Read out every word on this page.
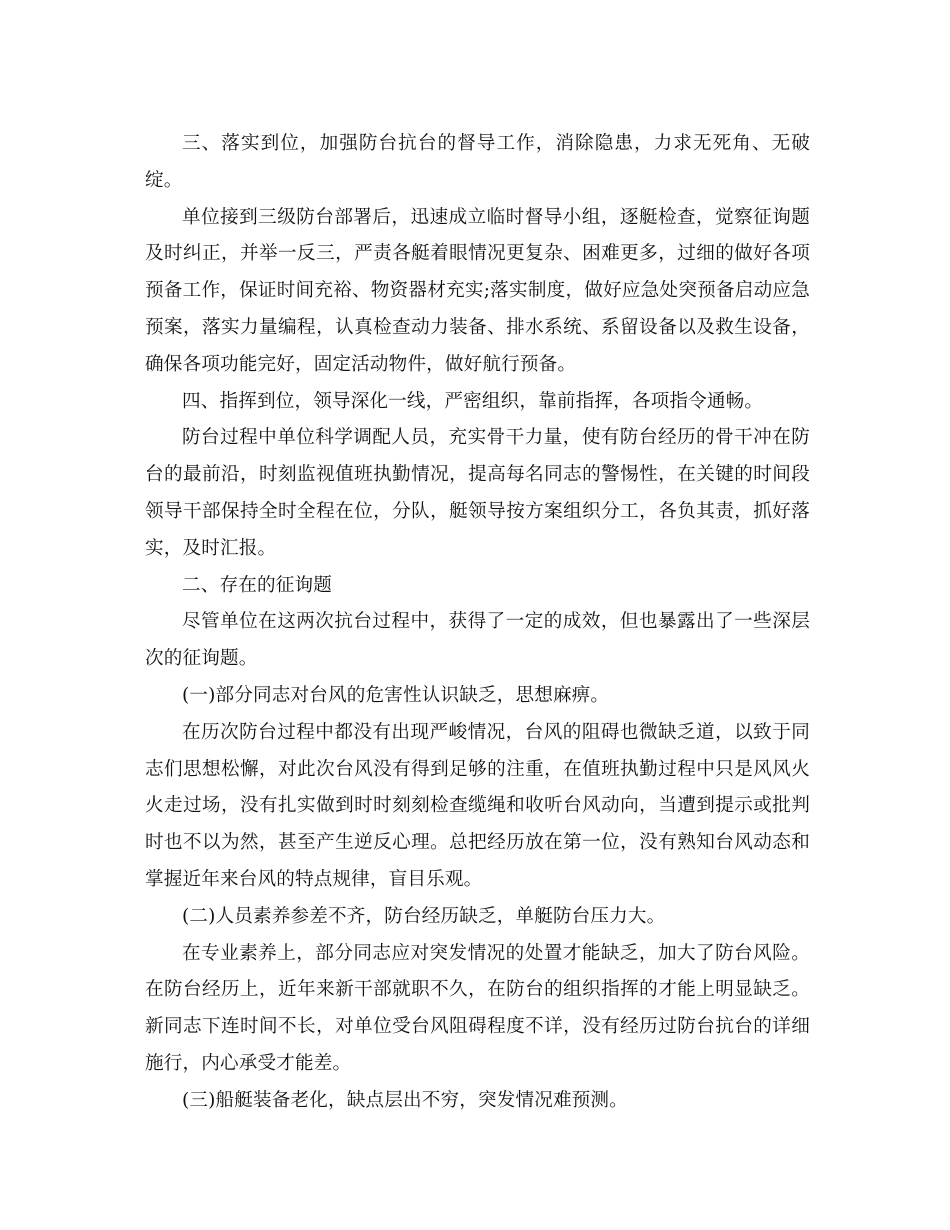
三、落实到位，加强防台抗台的督导工作，消除隐患，力求无死角、无破绽。

单位接到三级防台部署后，迅速成立临时督导小组，逐艇检查，觉察征询题及时纠正，并举一反三，严责各艇着眼情况更复杂、困难更多，过细的做好各项预备工作，保证时间充裕、物资器材充实;落实制度，做好应急处突预备启动应急预案，落实力量编程，认真检查动力装备、排水系统、系留设备以及救生设备，确保各项功能完好，固定活动物件，做好航行预备。

四、指挥到位，领导深化一线，严密组织，靠前指挥，各项指令通畅。

防台过程中单位科学调配人员，充实骨干力量，使有防台经历的骨干冲在防台的最前沿，时刻监视值班执勤情况，提高每名同志的警惕性，在关键的时间段领导干部保持全时全程在位，分队，艇领导按方案组织分工，各负其责，抓好落实，及时汇报。

二、存在的征询题

尽管单位在这两次抗台过程中，获得了一定的成效，但也暴露出了一些深层次的征询题。

(一)部分同志对台风的危害性认识缺乏，思想麻痹。

在历次防台过程中都没有出现严峻情况，台风的阻碍也微缺乏道，以致于同志们思想松懈，对此次台风没有得到足够的注重，在值班执勤过程中只是风风火火走过场，没有扎实做到时时刻刻检查缆绳和收听台风动向，当遭到提示或批判时也不以为然，甚至产生逆反心理。总把经历放在第一位，没有熟知台风动态和掌握近年来台风的特点规律，盲目乐观。

(二)人员素养参差不齐，防台经历缺乏，单艇防台压力大。

在专业素养上，部分同志应对突发情况的处置才能缺乏，加大了防台风险。在防台经历上，近年来新干部就职不久，在防台的组织指挥的才能上明显缺乏。新同志下连时间不长，对单位受台风阻碍程度不详，没有经历过防台抗台的详细施行，内心承受才能差。

(三)船艇装备老化，缺点层出不穷，突发情况难预测。
